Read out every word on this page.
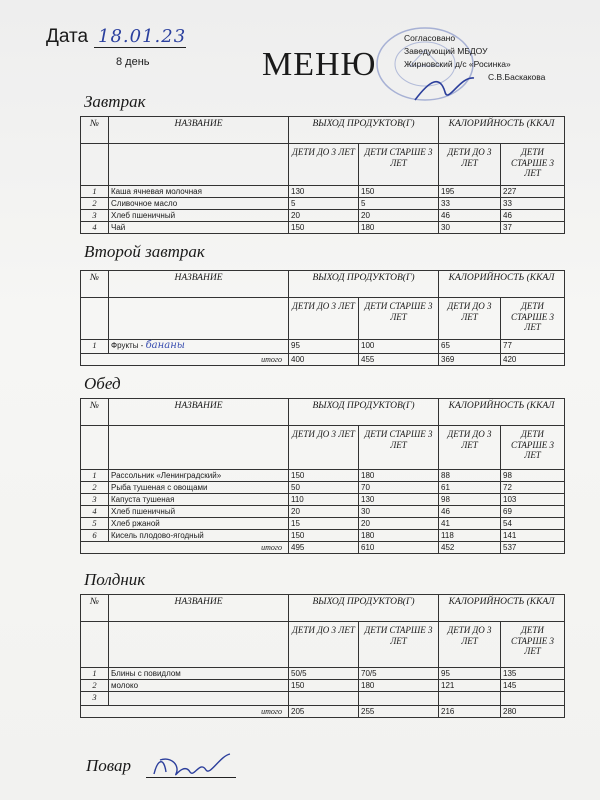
Дата 18.01.23
8 день	МЕНЮ
Согласовано
Заведующий МБДОУ
Жирновский д/с «Росинка»
С.В.Баскакова
Завтрак
№	НАЗВАНИЕ	ВЫХОД ПРОДУКТОВ(Г)		КАЛОРИЙНОСТЬ (ККАЛ	
		ДЕТИ ДО 3 ЛЕТ	ДЕТИ СТАРШЕ 3 ЛЕТ	ДЕТИ ДО 3 ЛЕТ	ДЕТИ СТАРШЕ 3 ЛЕТ
1	Каша ячневая молочная	130	150	195	227
2	Сливочное масло	5	5	33	33
3	Хлеб пшеничный	20	20	46	46
4	Чай	150	180	30	37
Второй завтрак
№	НАЗВАНИЕ	ВЫХОД ПРОДУКТОВ(Г)		КАЛОРИЙНОСТЬ (ККАЛ	
		ДЕТИ ДО 3 ЛЕТ	ДЕТИ СТАРШЕ 3 ЛЕТ	ДЕТИ ДО 3 ЛЕТ	ДЕТИ СТАРШЕ 3 ЛЕТ
1	Фрукты - бананы	95	100	65	77
итого		400	455	369	420
Обед
№	НАЗВАНИЕ	ВЫХОД ПРОДУКТОВ(Г)		КАЛОРИЙНОСТЬ (ККАЛ	
		ДЕТИ ДО 3 ЛЕТ	ДЕТИ СТАРШЕ 3 ЛЕТ	ДЕТИ ДО 3 ЛЕТ	ДЕТИ СТАРШЕ 3 ЛЕТ
1	Рассольник «Ленинградский»	150	180	88	98
2	Рыба тушеная с овощами	50	70	61	72
3	Капуста тушеная	110	130	98	103
4	Хлеб пшеничный	20	30	46	69
5	Хлеб ржаной	15	20	41	54
6	Кисель плодово-ягодный	150	180	118	141
итого		495	610	452	537
Полдник
№	НАЗВАНИЕ	ВЫХОД ПРОДУКТОВ(Г)		КАЛОРИЙНОСТЬ (ККАЛ	
		ДЕТИ ДО 3 ЛЕТ	ДЕТИ СТАРШЕ 3 ЛЕТ	ДЕТИ ДО 3 ЛЕТ	ДЕТИ СТАРШЕ 3 ЛЕТ
1	Блины с повидлом	50/5	70/5	95	135
2	молоко	150	180	121	145
3					
итого		205	255	216	280
Повар
